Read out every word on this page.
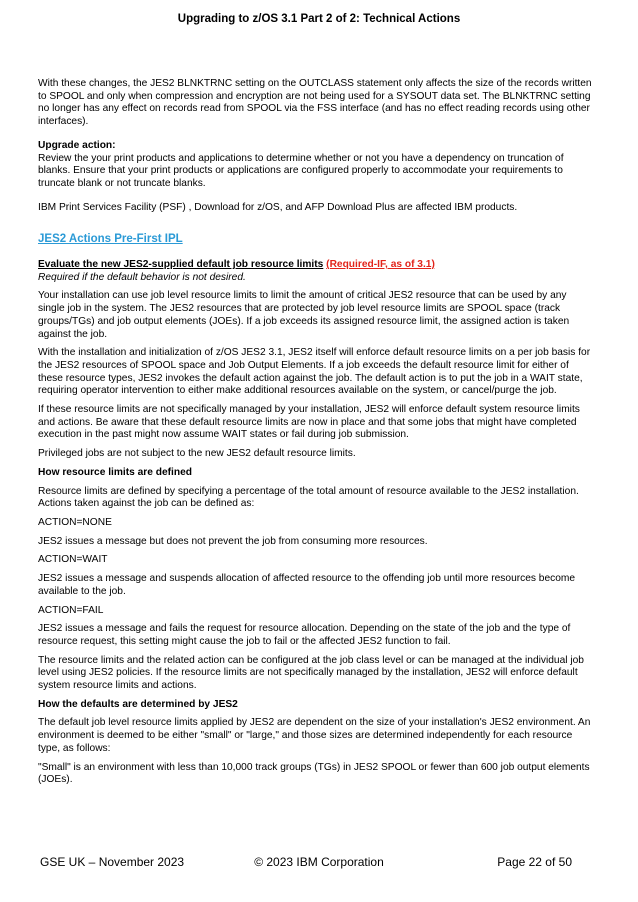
Upgrading to z/OS 3.1 Part 2 of 2: Technical Actions

With these changes, the JES2 BLNKTRNC setting on the OUTCLASS statement only affects the size of the records written to SPOOL and only when compression and encryption are not being used for a SYSOUT data set. The BLNKTRNC setting no longer has any effect on records read from SPOOL via the FSS interface (and has no effect reading records using other interfaces).

Upgrade action:

Review the your print products and applications to determine whether or not you have a dependency on truncation of blanks. Ensure that your print products or applications are configured properly to accommodate your requirements to truncate blank or not truncate blanks.

IBM Print Services Facility (PSF) , Download for z/OS, and AFP Download Plus are affected IBM products.

JES2 Actions Pre-First IPL

Evaluate the new JES2-supplied default job resource limits (Required-IF, as of 3.1)

Required if the default behavior is not desired.

Your installation can use job level resource limits to limit the amount of critical JES2 resource that can be used by any single job in the system. The JES2 resources that are protected by job level resource limits are SPOOL space (track groups/TGs) and job output elements (JOEs). If a job exceeds its assigned resource limit, the assigned action is taken against the job.

With the installation and initialization of z/OS JES2 3.1, JES2 itself will enforce default resource limits on a per job basis for the JES2 resources of SPOOL space and Job Output Elements. If a job exceeds the default resource limit for either of these resource types, JES2 invokes the default action against the job. The default action is to put the job in a WAIT state, requiring operator intervention to either make additional resources available on the system, or cancel/purge the job.

If these resource limits are not specifically managed by your installation, JES2 will enforce default system resource limits and actions. Be aware that these default resource limits are now in place and that some jobs that might have completed execution in the past might now assume WAIT states or fail during job submission.

Privileged jobs are not subject to the new JES2 default resource limits.

How resource limits are defined

Resource limits are defined by specifying a percentage of the total amount of resource available to the JES2 installation. Actions taken against the job can be defined as:

ACTION=NONE

JES2 issues a message but does not prevent the job from consuming more resources.

ACTION=WAIT

JES2 issues a message and suspends allocation of affected resource to the offending job until more resources become available to the job.

ACTION=FAIL

JES2 issues a message and fails the request for resource allocation. Depending on the state of the job and the type of resource request, this setting might cause the job to fail or the affected JES2 function to fail.

The resource limits and the related action can be configured at the job class level or can be managed at the individual job level using JES2 policies. If the resource limits are not specifically managed by the installation, JES2 will enforce default system resource limits and actions.

How the defaults are determined by JES2

The default job level resource limits applied by JES2 are dependent on the size of your installation's JES2 environment. An environment is deemed to be either "small" or "large," and those sizes are determined independently for each resource type, as follows:

"Small" is an environment with less than 10,000 track groups (TGs) in JES2 SPOOL or fewer than 600 job output elements (JOEs).

GSE UK – November 2023	© 2023 IBM Corporation	Page 22 of 50
